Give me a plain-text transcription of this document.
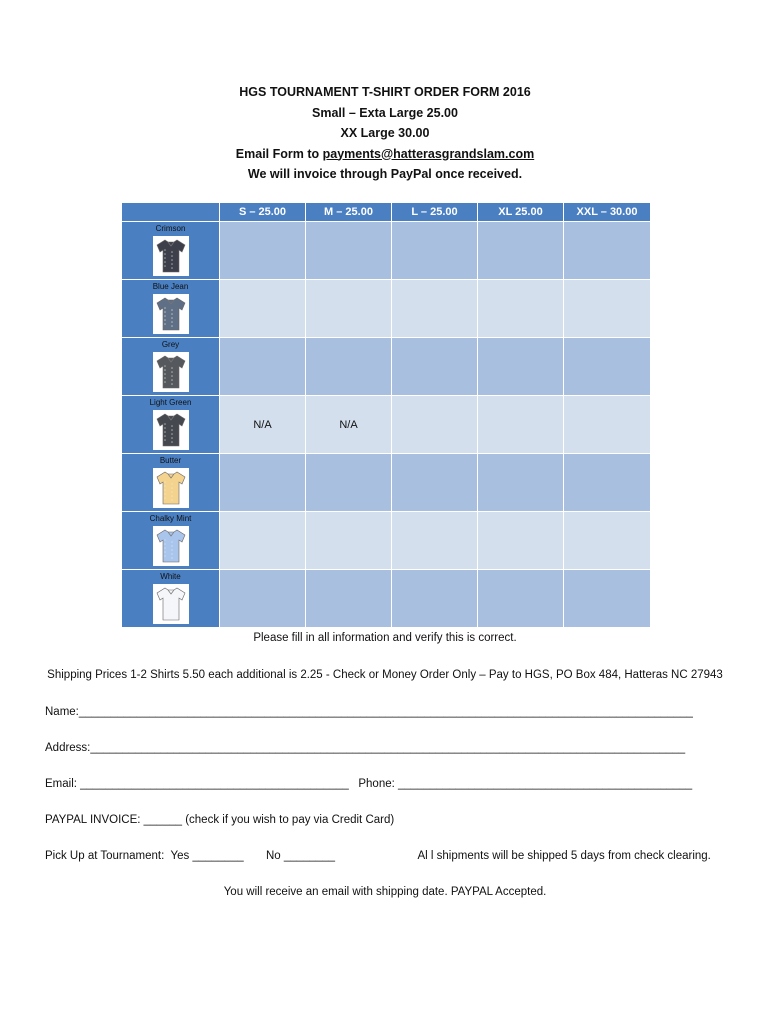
HGS TOURNAMENT T-SHIRT ORDER FORM 2016
Small – Exta Large 25.00
XX Large 30.00
Email Form to payments@hatterasgrandslam.com
We will invoice through PayPal once received.
	S – 25.00	M – 25.00	L – 25.00	XL 25.00	XXL – 30.00

Crimson					

Blue Jean					

Grey					

Light Green	N/A	N/A			

Butter					

Chalky Mint					

White					

Please fill in all information and verify this is correct.
Shipping Prices 1-2 Shirts 5.50 each additional is 2.25 - Check or Money Order Only – Pay to HGS, PO Box 484, Hatteras NC 27943
Name:________________________________________________________________________________________________
Address:_____________________________________________________________________________________________
Email: __________________________________________   Phone: ______________________________________________
PAYPAL INVOICE: ______ (check if you wish to pay via Credit Card)
Pick Up at Tournament:  Yes ________       No ________                          Al l shipments will be shipped 5 days from check clearing.
You will receive an email with shipping date. PAYPAL Accepted.
